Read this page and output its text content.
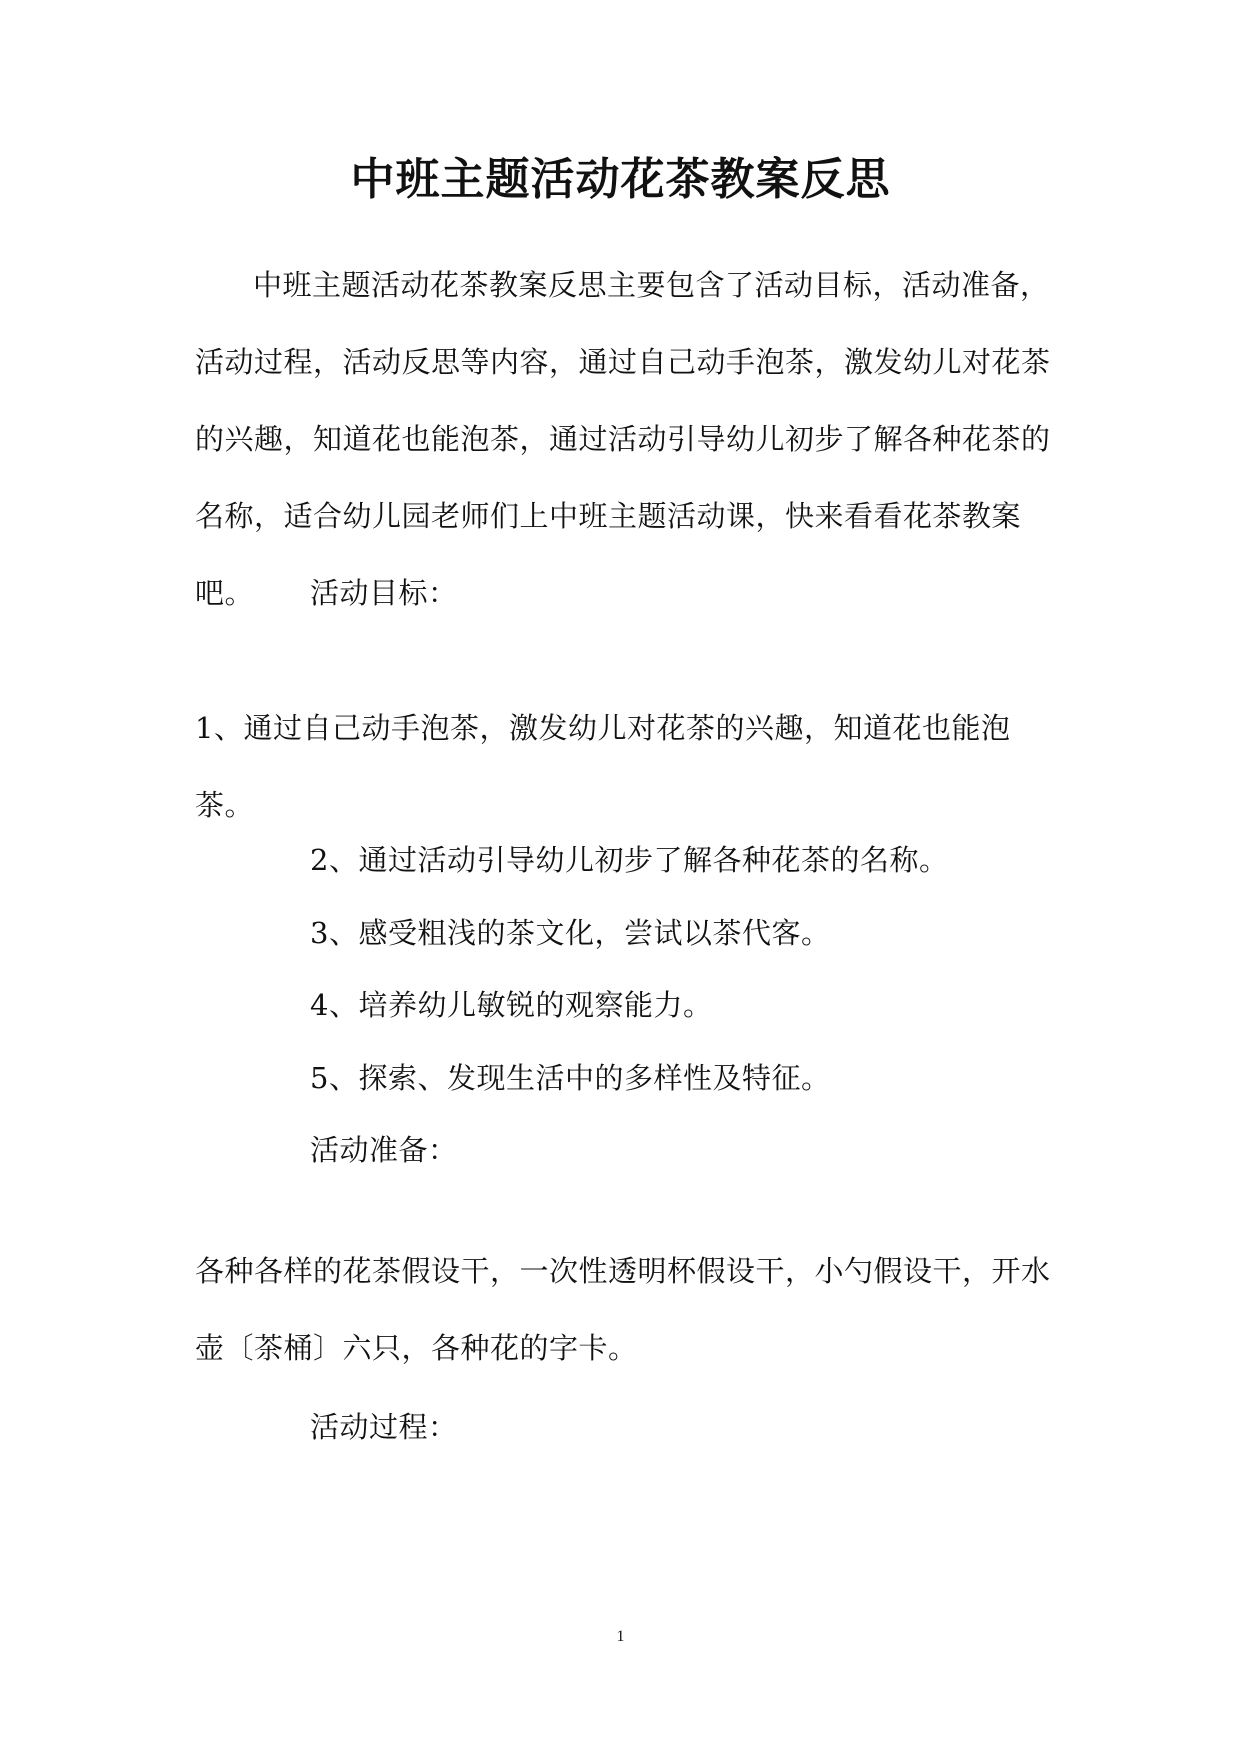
中班主题活动花茶教案反思
中班主题活动花茶教案反思主要包含了活动目标，活动准备，活动过程，活动反思等内容，通过自己动手泡茶，激发幼儿对花茶的兴趣，知道花也能泡茶，通过活动引导幼儿初步了解各种花茶的名称，适合幼儿园老师们上中班主题活动课，快来看看花茶教案吧。	活动目标：
1、通过自己动手泡茶，激发幼儿对花茶的兴趣，知道花也能泡茶。
2、通过活动引导幼儿初步了解各种花茶的名称。
3、感受粗浅的茶文化，尝试以茶代客。
4、培养幼儿敏锐的观察能力。
5、探索、发现生活中的多样性及特征。
活动准备：
各种各样的花茶假设干，一次性透明杯假设干，小勺假设干，开水壶〔茶桶〕六只，各种花的字卡。
活动过程：
1
